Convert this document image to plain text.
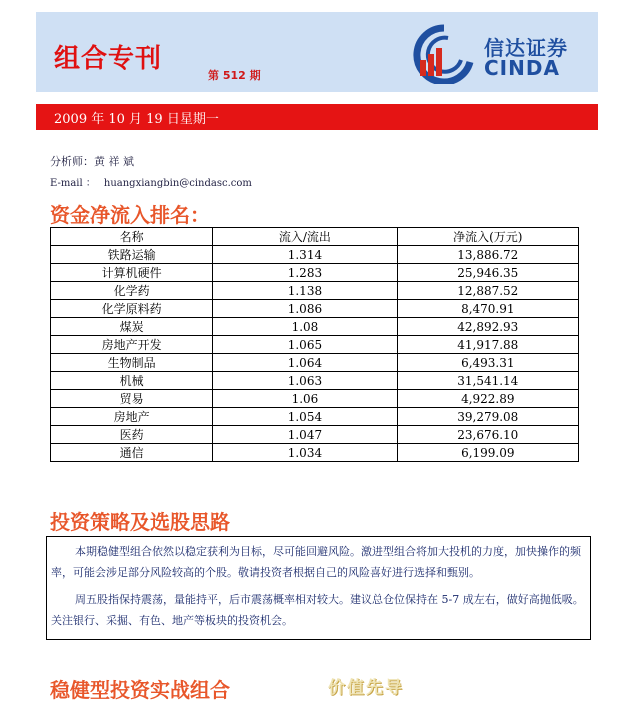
组合专刊
第 512 期
信达证券
CINDA
2009 年 10 月 19 日星期一
分析师：黄 祥 斌
E-mail ： huangxiangbin@cindasc.com
资金净流入排名：
名称	流入/流出	净流入(万元)
铁路运输	1.314	13,886.72
计算机硬件	1.283	25,946.35
化学药	1.138	12,887.52
化学原料药	1.086	8,470.91
煤炭	1.08	42,892.93
房地产开发	1.065	41,917.88
生物制品	1.064	6,493.31
机械	1.063	31,541.14
贸易	1.06	4,922.89
房地产	1.054	39,279.08
医药	1.047	23,676.10
通信	1.034	6,199.09
投资策略及选股思路

本期稳健型组合依然以稳定获利为目标，尽可能回避风险。激进型组合将加大投机的力度，加快操作的频率，可能会涉足部分风险较高的个股。敬请投资者根据自己的风险喜好进行选择和甄别。

周五股指保持震荡，量能持平，后市震荡概率相对较大。建议总仓位保持在 5-7 成左右，做好高抛低吸。关注银行、采掘、有色、地产等板块的投资机会。

稳健型投资实战组合	价值先导
